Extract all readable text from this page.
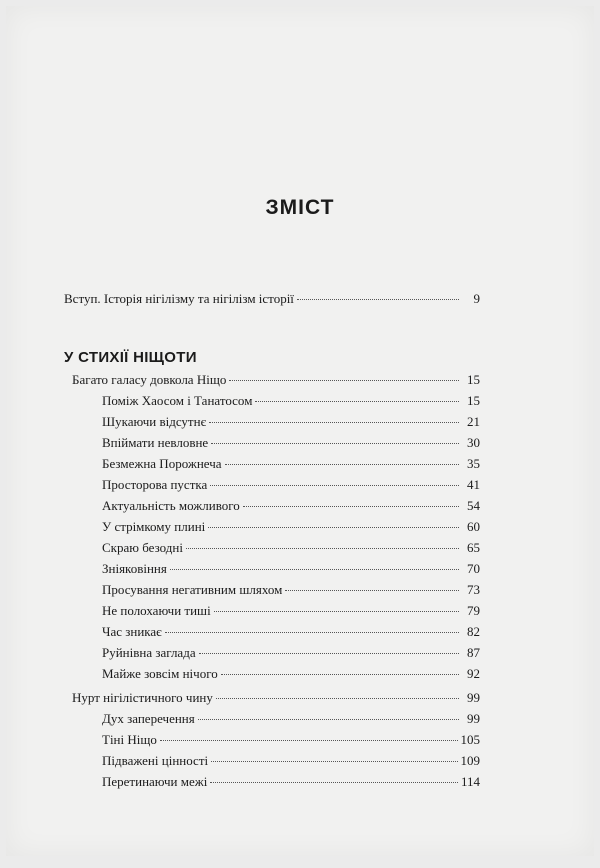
ЗМІСТ
Вступ. Історія нігілізму та нігілізм історії	9
У СТИХІЇ НІЩОТИ
Багато галасу довкола Ніщо	15
Поміж Хаосом і Танатосом	15
Шукаючи відсутнє	21
Впіймати невловне	30
Безмежна Порожнеча	35
Просторова пустка	41
Актуальність можливого	54
У стрімкому плині	60
Скраю безодні	65
Зніяковіння	70
Просування негативним шляхом	73
Не полохаючи тиші	79
Час зникає	82
Руйнівна заглада	87
Майже зовсім нічого	92
Нурт нігілістичного чину	99
Дух заперечення	99
Тіні Ніщо	105
Підважені цінності	109
Перетинаючи межі	114
